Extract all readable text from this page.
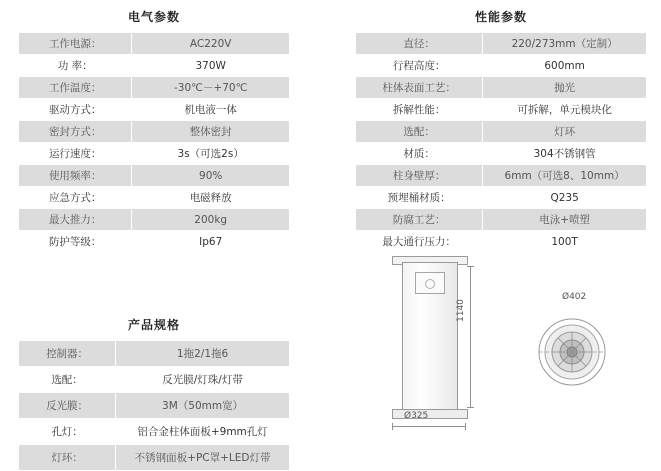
电气参数
工作电源：	AC220V
功 率：	370W
工作温度：	-30℃－+70℃
驱动方式：	机电液一体
密封方式：	整体密封
运行速度：	3s（可选2s）
使用频率：	90%
应急方式：	电磁释放
最大推力：	200kg
防护等级：	Ip67
性能参数
直径：	220/273mm（定制）
行程高度：	600mm
柱体表面工艺：	抛光
拆解性能：	可拆解，单元模块化
选配：	灯环
材质：	304不锈钢管
柱身壁厚：	6mm（可选8、10mm）
预埋桶材质：	Q235
防腐工艺：	电泳+喷塑
最大通行压力：	100T
产品规格
控制器：	1拖2/1拖6
选配：	反光膜/灯珠/灯带
反光膜：	3M（50mm宽）
孔灯：	铝合金柱体面板+9mm孔灯
灯环：	不锈钢面板+PC罩+LED灯带
1140
Ø325
Ø402
